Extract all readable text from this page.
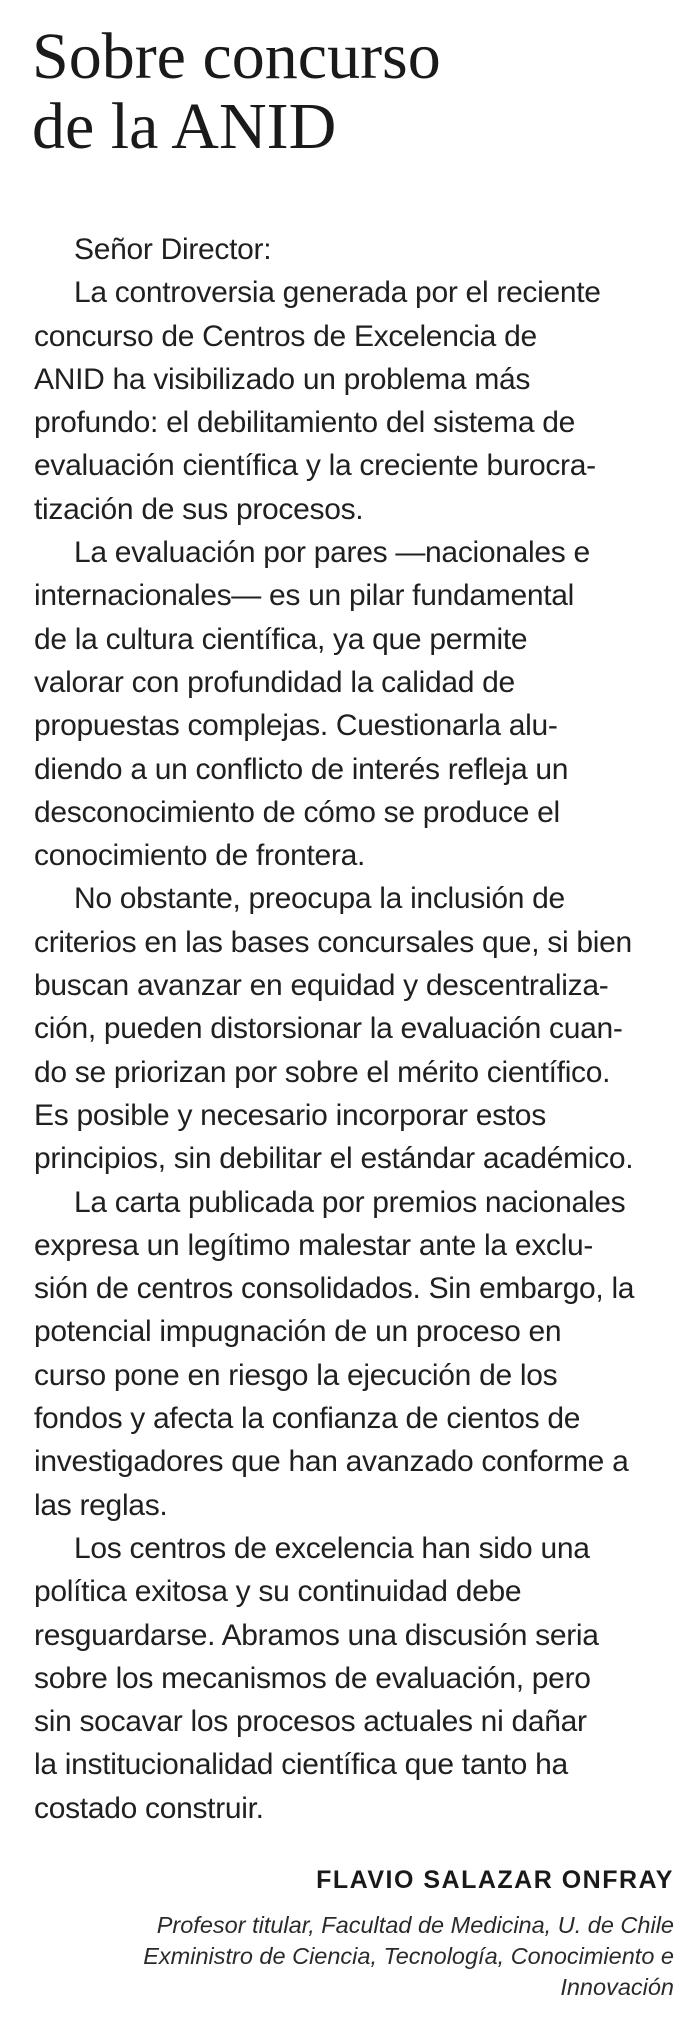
Sobre concurso
de la ANID
Señor Director:
La controversia generada por el reciente
concurso de Centros de Excelencia de
ANID ha visibilizado un problema más
profundo: el debilitamiento del sistema de
evaluación científica y la creciente burocra-
tización de sus procesos.
La evaluación por pares —nacionales e
internacionales— es un pilar fundamental
de la cultura científica, ya que permite
valorar con profundidad la calidad de
propuestas complejas. Cuestionarla alu-
diendo a un conflicto de interés refleja un
desconocimiento de cómo se produce el
conocimiento de frontera.
No obstante, preocupa la inclusión de
criterios en las bases concursales que, si bien
buscan avanzar en equidad y descentraliza-
ción, pueden distorsionar la evaluación cuan-
do se priorizan por sobre el mérito científico.
Es posible y necesario incorporar estos
principios, sin debilitar el estándar académico.
La carta publicada por premios nacionales
expresa un legítimo malestar ante la exclu-
sión de centros consolidados. Sin embargo, la
potencial impugnación de un proceso en
curso pone en riesgo la ejecución de los
fondos y afecta la confianza de cientos de
investigadores que han avanzado conforme a
las reglas.
Los centros de excelencia han sido una
política exitosa y su continuidad debe
resguardarse. Abramos una discusión seria
sobre los mecanismos de evaluación, pero
sin socavar los procesos actuales ni dañar
la institucionalidad científica que tanto ha
costado construir.
FLAVIO SALAZAR ONFRAY
Profesor titular, Facultad de Medicina, U. de Chile
Exministro de Ciencia, Tecnología, Conocimiento e
Innovación
